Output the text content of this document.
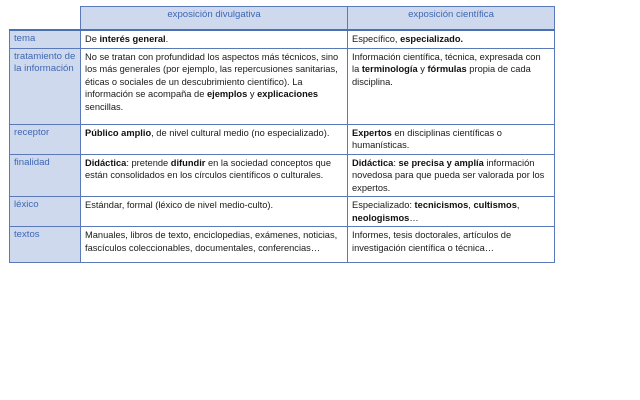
	exposición divulgativa	exposición científica
tema	De interés general.	Específico, especializado.
tratamiento de la información	No se tratan con profundidad los aspectos más técnicos, sino los más generales (por ejemplo, las repercusiones sanitarias, éticas o sociales de un descubrimiento científico). La información se acompaña de ejemplos y explicaciones sencillas.	Información científica, técnica, expresada con la terminología y fórmulas propia de cada disciplina.
receptor	Público amplio, de nivel cultural medio (no especializado).	Expertos en disciplinas científicas o humanísticas.
finalidad	Didáctica: pretende difundir en la sociedad conceptos que están consolidados en los círculos científicos o culturales.	Didáctica: se precisa y amplía información novedosa para que pueda ser valorada por los expertos.
léxico	Estándar, formal (léxico de nivel medio-culto).	Especializado: tecnicismos, cultismos, neologismos…
textos	Manuales, libros de texto, enciclopedias, exámenes, noticias, fascículos coleccionables, documentales, conferencias…	Informes, tesis doctorales, artículos de investigación científica o técnica…
